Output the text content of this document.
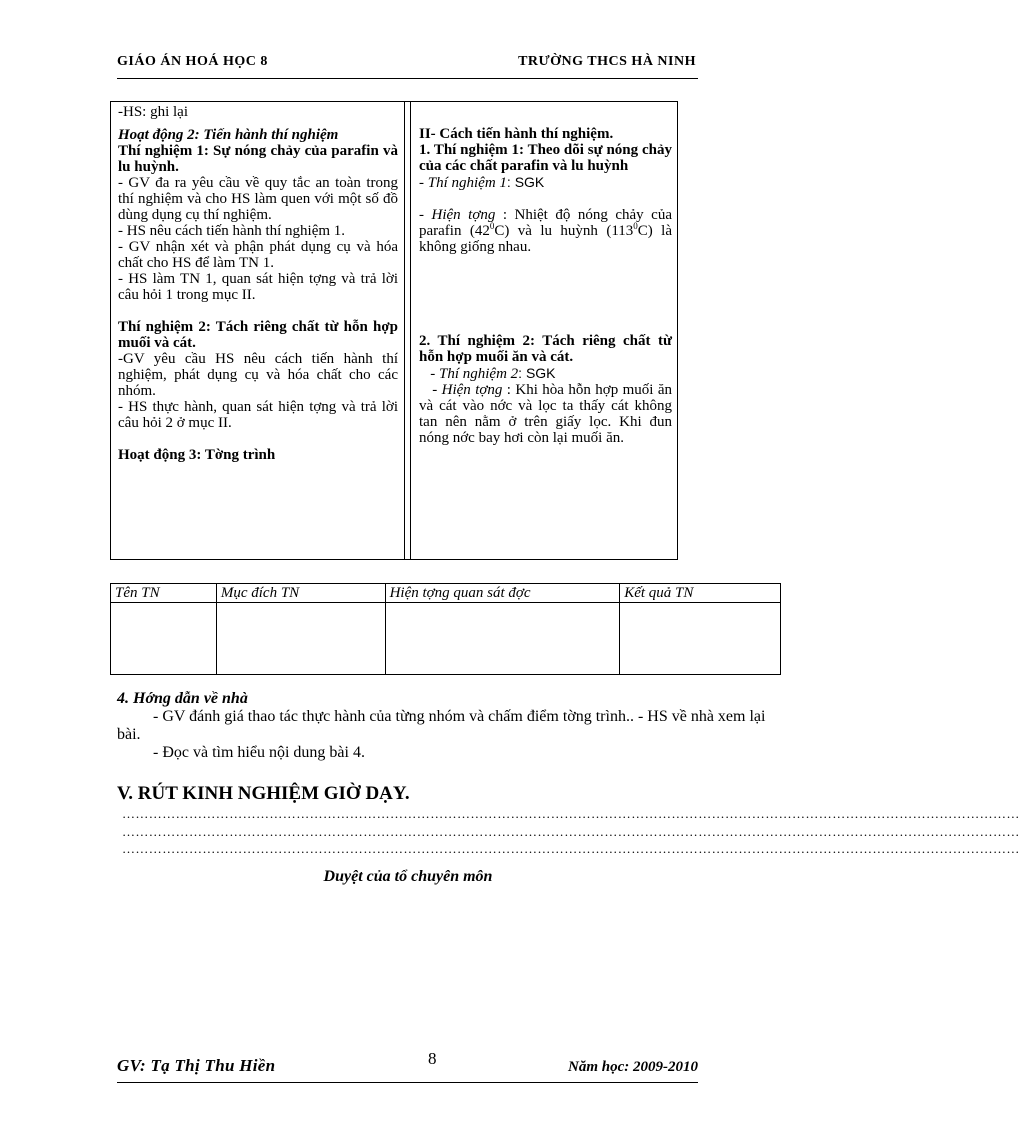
GIÁO ÁN HOÁ HỌC 8	TRƯỜNG THCS HÀ NINH

-HS: ghi lại

Hoạt động 2: Tiến hành thí nghiệm

Thí nghiệm 1: Sự nóng chảy của parafin và lu huỳnh.

- GV đa ra yêu cầu về quy tắc an toàn trong thí nghiệm và cho HS làm quen với một số đồ dùng dụng cụ thí nghiệm.

- HS nêu cách tiến hành thí nghiệm 1.

- GV nhận xét và phận phát dụng cụ và hóa chất cho HS để làm TN 1.

- HS làm TN 1, quan sát hiện tợng và trả lời câu hỏi 1 trong mục II.

Thí nghiệm 2: Tách riêng chất từ hỗn hợp muối và cát.

-GV yêu cầu HS nêu cách tiến hành thí nghiệm, phát dụng cụ và hóa chất cho các nhóm.

- HS thực hành, quan sát hiện tợng và trả lời câu hỏi 2 ở mục II.

Hoạt động 3: Tờng trình

II- Cách tiến hành thí nghiệm.

1. Thí nghiệm 1: Theo dõi sự nóng chảy của các chất parafin và lu huỳnh

- Thí nghiệm 1: SGK

- Hiện tợng : Nhiệt độ nóng chảy của parafin $(42^0C)$ và lu huỳnh $(113^0C)$ là không giống nhau.

2. Thí nghiệm 2: Tách riêng chất từ hỗn hợp muối ăn và cát.

- Thí nghiệm 2: SGK

- Hiện tợng : Khi hòa hỗn hợp muối ăn và cát vào nớc và lọc ta thấy cát không tan nên nằm ở trên giấy lọc. Khi đun nóng nớc bay hơi còn lại muối ăn.

Tên TN	Mục đích TN	Hiện tợng quan sát đợc	Kết quả TN

4. Hớng dẫn về nhà
- GV đánh giá thao tác thực hành của từng nhóm và chấm điểm tờng trình.. - HS về nhà xem lại bài.
- Đọc và tìm hiểu nội dung bài 4.
V. RÚT KINH NGHIỆM GIỜ DẠY.
…………………………………………………………………………………………………………………………………………………………………………………
…………………………………………………………………………………………………………………………………………………………………………………
…………………………………………………………………………………………………………………………………………………………………………………
Duyệt của tổ chuyên môn
GV: Tạ Thị Thu Hiền	8	Năm học: 2009-2010
